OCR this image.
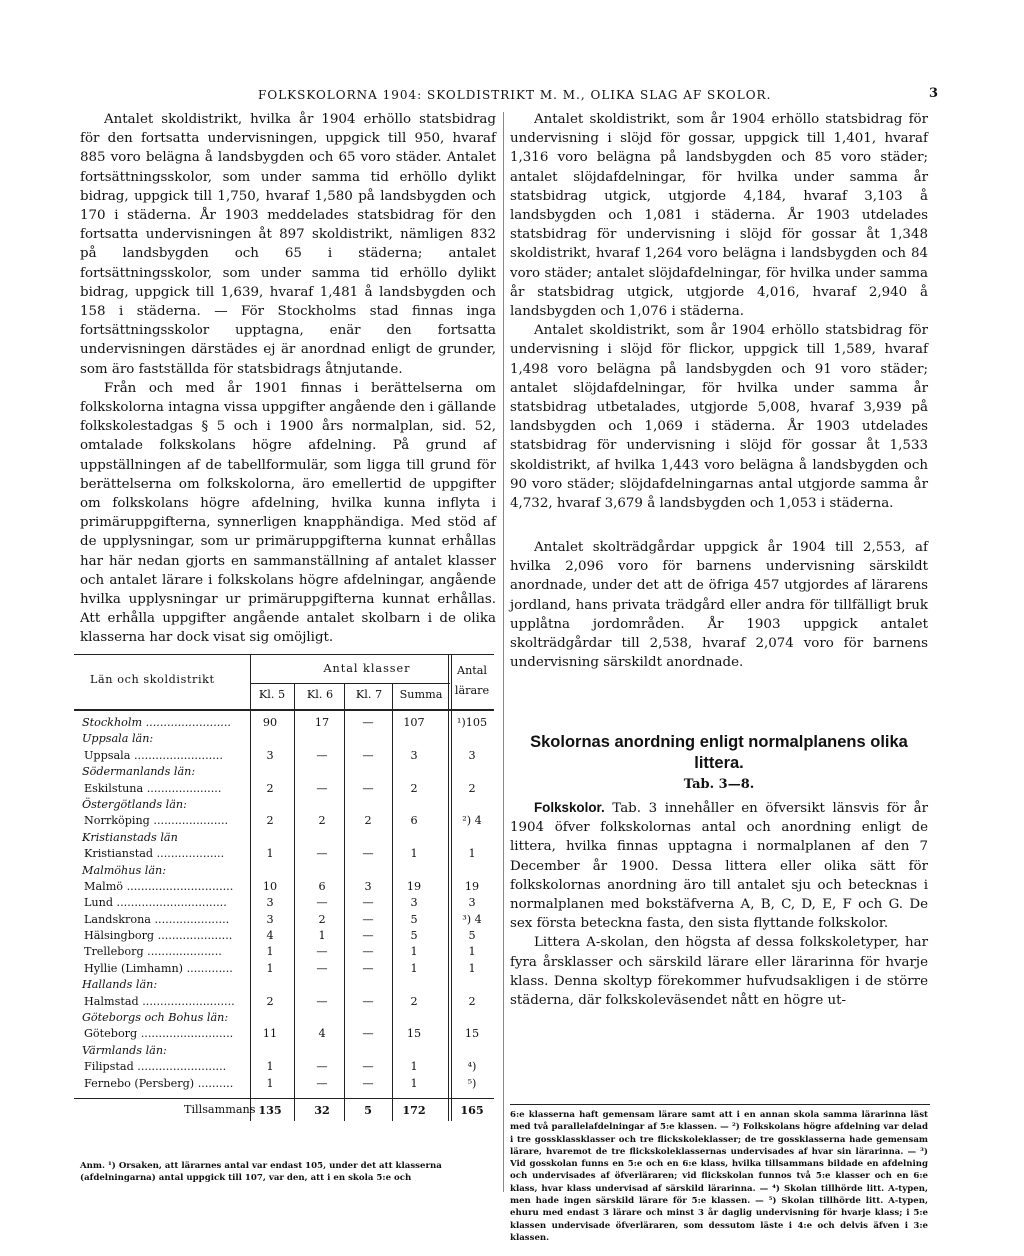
FOLKSKOLORNA 1904: SKOLDISTRIKT M. M., OLIKA SLAG AF SKOLOR.	3

Antalet skoldistrikt, hvilka år 1904 erhöllo statsbidrag för den fortsatta undervisningen, uppgick till 950, hvaraf 885 voro belägna å landsbygden och 65 voro städer. Antalet fortsättningsskolor, som under samma tid erhöllo dylikt bidrag, uppgick till 1,750, hvaraf 1,580 på landsbygden och 170 i städerna. År 1903 meddelades statsbidrag för den fortsatta undervisningen åt 897 skoldistrikt, nämligen 832 på landsbygden och 65 i städerna; antalet fortsättningsskolor, som under samma tid erhöllo dylikt bidrag, uppgick till 1,639, hvaraf 1,481 å landsbygden och 158 i städerna. — För Stockholms stad finnas inga fortsättningsskolor upptagna, enär den fortsatta undervisningen därstädes ej är anordnad enligt de grunder, som äro fastställda för statsbidrags åtnjutande.

Från och med år 1901 finnas i berättelserna om folkskolorna intagna vissa uppgifter angående den i gällande folkskolestadgas § 5 och i 1900 års normalplan, sid. 52, omtalade folkskolans högre afdelning. På grund af uppställningen af de tabellformulär, som ligga till grund för berättelserna om folkskolorna, äro emellertid de uppgifter om folkskolans högre afdelning, hvilka kunna inflyta i primäruppgifterna, synnerligen knapphändiga. Med stöd af de upplysningar, som ur primäruppgifterna kunnat erhållas har här nedan gjorts en sammanställning af antalet klasser och antalet lärare i folkskolans högre afdelningar, angående hvilka upplysningar ur primäruppgifterna kunnat erhållas. Att erhålla uppgifter angående antalet skolbarn i de olika klasserna har dock visat sig omöjligt.

Län och skoldistrikt
Antal klasser
Kl. 5	Kl. 6	Kl. 7	Summa
Antal lärare
Stockholm ........................	90	17	—	107	¹)105
Uppsala län:
Uppsala .........................	3	—	—	3	3
Södermanlands län:
Eskilstuna .....................	2	—	—	2	2
Östergötlands län:
Norrköping .....................	2	2	2	6	²) 4
Kristianstads län
Kristianstad ...................	1	—	—	1	1
Malmöhus län:
Malmö ..............................	10	6	3	19	19
Lund ...............................	3	—	—	3	3
Landskrona .....................	3	2	—	5	³) 4
Hälsingborg .....................	4	1	—	5	5
Trelleborg .....................	1	—	—	1	1
Hyllie (Limhamn) .............	1	—	—	1	1
Hallands län:
Halmstad ..........................	2	—	—	2	2
Göteborgs och Bohus län:
Göteborg ..........................	11	4	—	15	15
Värmlands län:
Filipstad .........................	1	—	—	1	⁴)
Fernebo (Persberg) ..........	1	—	—	1	⁵)
Tillsammans 135	32	5	172	165
Anm. ¹) Orsaken, att lärarnes antal var endast 105, under det att klasserna (afdelningarna) antal uppgick till 107, var den, att i en skola 5:e och

Antalet skoldistrikt, som år 1904 erhöllo statsbidrag för undervisning i slöjd för gossar, uppgick till 1,401, hvaraf 1,316 voro belägna på landsbygden och 85 voro städer; antalet slöjdafdelningar, för hvilka under samma år statsbidrag utgick, utgjorde 4,184, hvaraf 3,103 å landsbygden och 1,081 i städerna. År 1903 utdelades statsbidrag för undervisning i slöjd för gossar åt 1,348 skoldistrikt, hvaraf 1,264 voro belägna i landsbygden och 84 voro städer; antalet slöjdafdelningar, för hvilka under samma år statsbidrag utgick, utgjorde 4,016, hvaraf 2,940 å landsbygden och 1,076 i städerna.

Antalet skoldistrikt, som år 1904 erhöllo statsbidrag för undervisning i slöjd för flickor, uppgick till 1,589, hvaraf 1,498 voro belägna på landsbygden och 91 voro städer; antalet slöjdafdelningar, för hvilka under samma år statsbidrag utbetalades, utgjorde 5,008, hvaraf 3,939 på landsbygden och 1,069 i städerna. År 1903 utdelades statsbidrag för undervisning i slöjd för gossar åt 1,533 skoldistrikt, af hvilka 1,443 voro belägna å landsbygden och 90 voro städer; slöjdafdelningarnas antal utgjorde samma år 4,732, hvaraf 3,679 å landsbygden och 1,053 i städerna.

Antalet skolträdgårdar uppgick år 1904 till 2,553, af hvilka 2,096 voro för barnens undervisning särskildt anordnade, under det att de öfriga 457 utgjordes af lärarens jordland, hans privata trädgård eller andra för tillfälligt bruk upplåtna jordområden. År 1903 uppgick antalet skolträdgårdar till 2,538, hvaraf 2,074 voro för barnens undervisning särskildt anordnade.

Skolornas anordning enligt normalplanens olika littera.
Tab. 3—8.

Folkskolor. Tab. 3 innehåller en öfversikt länsvis för år 1904 öfver folkskolornas antal och anordning enligt de littera, hvilka finnas upptagna i normalplanen af den 7 December år 1900. Dessa littera eller olika sätt för folkskolornas anordning äro till antalet sju och betecknas i normalplanen med bokstäfverna A, B, C, D, E, F och G. De sex första beteckna fasta, den sista flyttande folkskolor.

Littera A-skolan, den högsta af dessa folkskoletyper, har fyra årsklasser och särskild lärare eller lärarinna för hvarje klass. Denna skoltyp förekommer hufvudsakligen i de större städerna, där folkskoleväsendet nått en högre ut-

6:e klasserna haft gemensam lärare samt att i en annan skola samma lärarinna läst med två parallelafdelningar af 5:e klassen. — ²) Folkskolans högre afdelning var delad i tre gossklassklasser och tre flickskoleklasser; de tre gossklasserna hade gemensam lärare, hvaremot de tre flickskoleklassernas undervisades af hvar sin lärarinna. — ³) Vid gosskolan funns en 5:e och en 6:e klass, hvilka tillsammans bildade en afdelning och undervisades af öfverläraren; vid flickskolan funnos två 5:e klasser och en 6:e klass, hvar klass undervisad af särskild lärarinna. — ⁴) Skolan tillhörde litt. A-typen, men hade ingen särskild lärare för 5:e klassen. — ⁵) Skolan tillhörde litt. A-typen, ehuru med endast 3 lärare och minst 3 år daglig undervisning för hvarje klass; i 5:e klassen undervisade öfverläraren, som dessutom läste i 4:e och delvis äfven i 3:e klassen.
